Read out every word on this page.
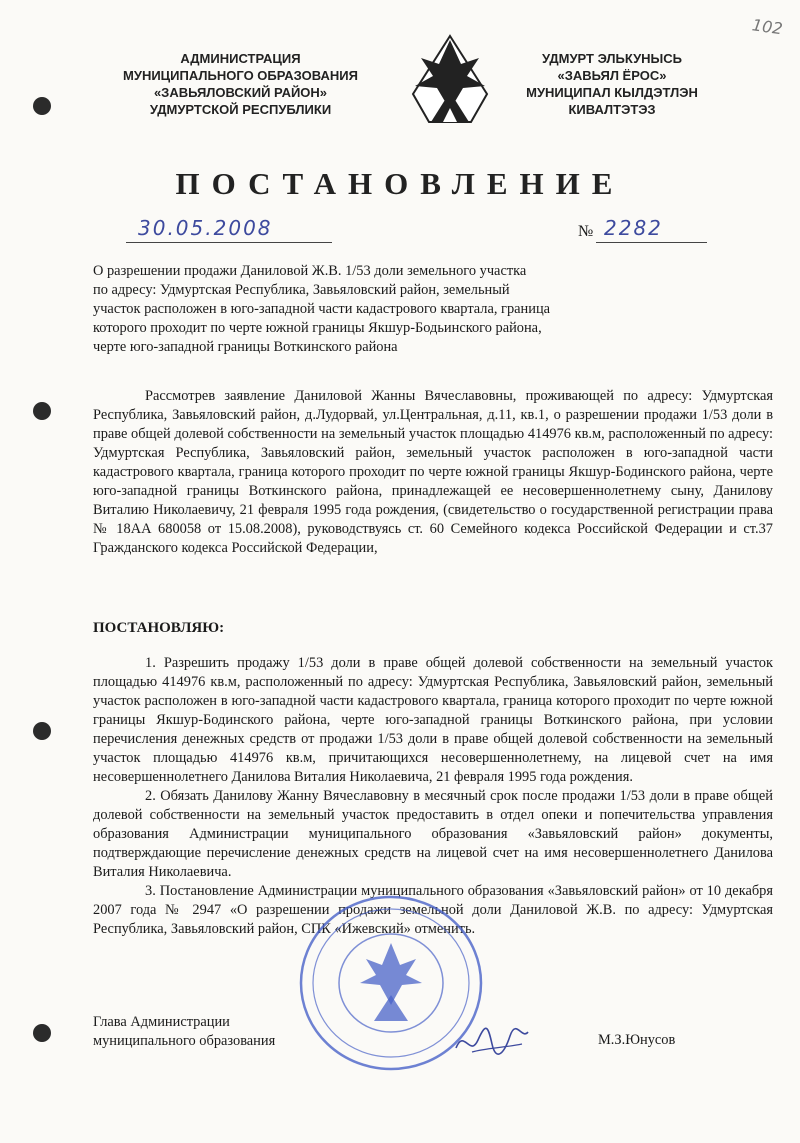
102
АДМИНИСТРАЦИЯ
МУНИЦИПАЛЬНОГО ОБРАЗОВАНИЯ
«ЗАВЬЯЛОВСКИЙ РАЙОН»
УДМУРТСКОЙ РЕСПУБЛИКИ
УДМУРТ ЭЛЬКУНЫСЬ
«ЗАВЬЯЛ ЁРОС»
МУНИЦИПАЛ КЫЛДЭТЛЭН
КИВАЛТЭТЭЗ
ПОСТАНОВЛЕНИЕ
30.05.2008	№ 2282
О разрешении продажи Даниловой Ж.В. 1/53 доли земельного участка
по адресу: Удмуртская Республика, Завьяловский район, земельный
участок расположен в юго-западной части кадастрового квартала, граница
которого проходит по черте южной границы Якшур-Бодьинского района,
черте юго-западной границы Воткинского района

Рассмотрев заявление Даниловой Жанны Вячеславовны, проживающей по адресу: Удмуртская Республика, Завьяловский район, д.Лудорвай, ул.Центральная, д.11, кв.1, о разрешении продажи 1/53 доли в праве общей долевой собственности на земельный участок площадью 414976 кв.м, расположенный по адресу: Удмуртская Республика, Завьяловский район, земельный участок расположен в юго-западной части кадастрового квартала, граница которого проходит по черте южной границы Якшур-Бодинского района, черте юго-западной границы Воткинского района, принадлежащей ее несовершеннолетнему сыну, Данилову Виталию Николаевичу, 21 февраля 1995 года рождения, (свидетельство о государственной регистрации права № 18АА 680058 от 15.08.2008), руководствуясь ст. 60 Семейного кодекса Российской Федерации и ст.37 Гражданского кодекса Российской Федерации,

ПОСТАНОВЛЯЮ:

1. Разрешить продажу 1/53 доли в праве общей долевой собственности на земельный участок площадью 414976 кв.м, расположенный по адресу: Удмуртская Республика, Завьяловский район, земельный участок расположен в юго-западной части кадастрового квартала, граница которого проходит по черте южной границы Якшур-Бодинского района, черте юго-западной границы Воткинского района, при условии перечисления денежных средств от продажи 1/53 доли в праве общей долевой собственности на земельный участок площадью 414976 кв.м, причитающихся несовершеннолетнему, на лицевой счет на имя несовершеннолетнего Данилова Виталия Николаевича, 21 февраля 1995 года рождения.

2. Обязать Данилову Жанну Вячеславовну в месячный срок после продажи 1/53 доли в праве общей долевой собственности на земельный участок предоставить в отдел опеки и попечительства управления образования Администрации муниципального образования «Завьяловский район» документы, подтверждающие перечисление денежных средств на лицевой счет на имя несовершеннолетнего Данилова Виталия Николаевича.

3. Постановление Администрации муниципального образования «Завьяловский район» от 10 декабря 2007 года № 2947 «О разрешении продажи земельной доли Даниловой Ж.В. по адресу: Удмуртская Республика, Завьяловский район, СПК «Ижевский» отменить.

Глава Администрации
муниципального образования	М.З.Юнусов
